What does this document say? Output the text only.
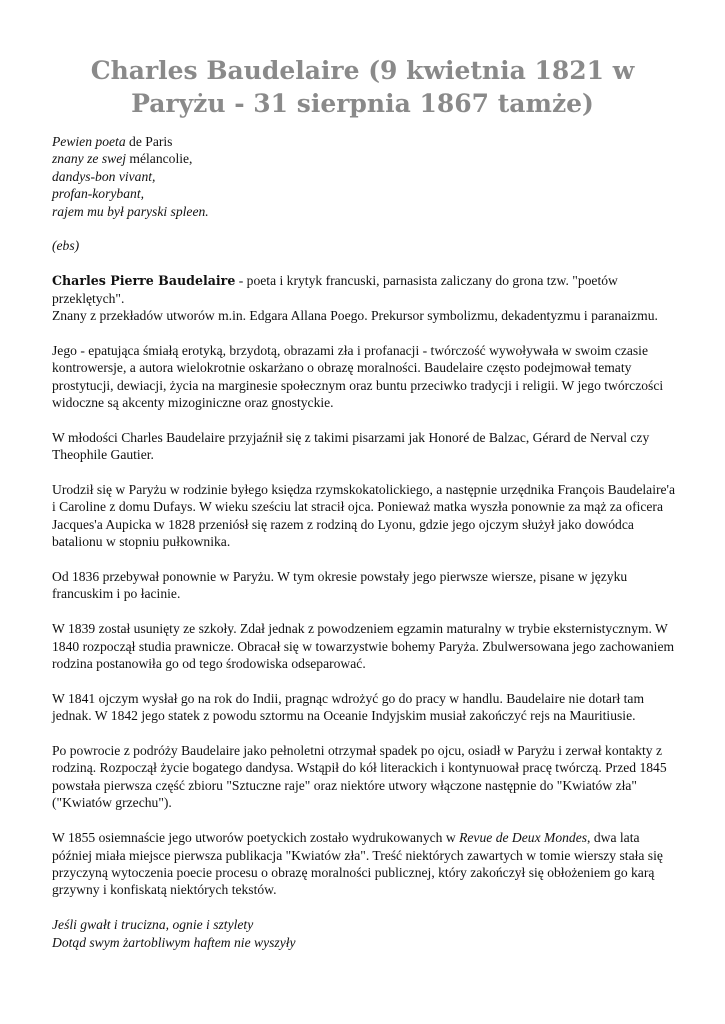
Charles Baudelaire (9 kwietnia 1821 w Paryżu - 31 sierpnia 1867 tamże)

Pewien poeta de Paris
znany ze swej mélancolie,
dandys-bon vivant,
profan-korybant,
rajem mu był paryski spleen.

(ebs)

Charles Pierre Baudelaire - poeta i krytyk francuski, parnasista zaliczany do grona tzw. "poetów przeklętych".
Znany z przekładów utworów m.in. Edgara Allana Poego. Prekursor symbolizmu, dekadentyzmu i paranaizmu.

Jego - epatująca śmiałą erotyką, brzydotą, obrazami zła i profanacji - twórczość wywoływała w swoim czasie
kontrowersje, a autora wielokrotnie oskarżano o obrazę moralności. Baudelaire często podejmował tematy
prostytucji, dewiacji, życia na marginesie społecznym oraz buntu przeciwko tradycji i religii. W jego twórczości
widoczne są akcenty mizoginiczne oraz gnostyckie.

W młodości Charles Baudelaire przyjaźnił się z takimi pisarzami jak Honoré de Balzac, Gérard de Nerval czy
Theophile Gautier.

Urodził się w Paryżu w rodzinie byłego księdza rzymskokatolickiego, a następnie urzędnika François Baudelaire'a
i Caroline z domu Dufays. W wieku sześciu lat stracił ojca. Ponieważ matka wyszła ponownie za mąż za oficera
Jacques'a Aupicka w 1828 przeniósł się razem z rodziną do Lyonu, gdzie jego ojczym służył jako dowódca
batalionu w stopniu pułkownika.

Od 1836 przebywał ponownie w Paryżu. W tym okresie powstały jego pierwsze wiersze, pisane w języku
francuskim i po łacinie.

W 1839 został usunięty ze szkoły. Zdał jednak z powodzeniem egzamin maturalny w trybie eksternistycznym. W
1840 rozpoczął studia prawnicze. Obracał się w towarzystwie bohemy Paryża. Zbulwersowana jego zachowaniem
rodzina postanowiła go od tego środowiska odseparować.

W 1841 ojczym wysłał go na rok do Indii, pragnąc wdrożyć go do pracy w handlu. Baudelaire nie dotarł tam
jednak. W 1842 jego statek z powodu sztormu na Oceanie Indyjskim musiał zakończyć rejs na Mauritiusie.

Po powrocie z podróży Baudelaire jako pełnoletni otrzymał spadek po ojcu, osiadł w Paryżu i zerwał kontakty z
rodziną. Rozpoczął życie bogatego dandysa. Wstąpił do kół literackich i kontynuował pracę twórczą. Przed 1845
powstała pierwsza część zbioru "Sztuczne raje" oraz niektóre utwory włączone następnie do "Kwiatów zła"
("Kwiatów grzechu").

W 1855 osiemnaście jego utworów poetyckich zostało wydrukowanych w Revue de Deux Mondes, dwa lata
później miała miejsce pierwsza publikacja "Kwiatów zła". Treść niektórych zawartych w tomie wierszy stała się
przyczyną wytoczenia poecie procesu o obrazę moralności publicznej, który zakończył się obłożeniem go karą
grzywny i konfiskatą niektórych tekstów.

Jeśli gwałt i trucizna, ognie i sztylety
Dotąd swym żartobliwym haftem nie wyszyły
